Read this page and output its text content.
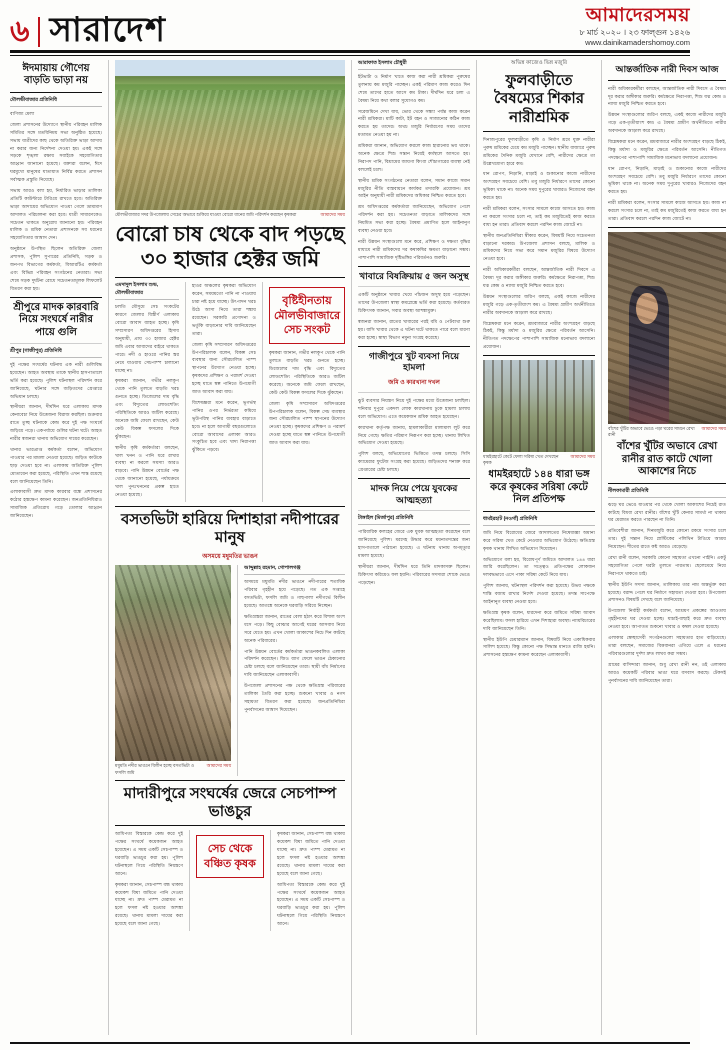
৬ সারাদেশ	আমাদেরসময়
৮ মার্চ ২০২০ । ২৩ ফাল্গুন ১৪২৬
www.dainikamadershomoy.com
ঈদমায়ায় গৌণেয় বাড়তি ভাড়া নয়
মৌলভীবাজার প্রতিনিধি

বাণিজ্য মেলা

জেলা প্রশাসনের উদ্যোগে স্থানীয় পরিবহন মালিক সমিতির সঙ্গে মতবিনিময় সভা অনুষ্ঠিত হয়েছে। সভায় যাত্রীদের কাছ থেকে অতিরিক্ত ভাড়া আদায় না করার জন্য নির্দেশনা দেওয়া হয়। একই সঙ্গে সড়কে শৃঙ্খলা রক্ষায় সবাইকে সহযোগিতার আহ্বান জানানো হয়েছে। বক্তারা বলেন, ঈদে ঘরমুখো মানুষের যাতায়াত নির্বিঘ্ন করতে প্রশাসন সর্বাত্মক প্রস্তুতি নিয়েছে।

সভায় আরও বলা হয়, নির্ধারিত ভাড়ার তালিকা প্রতিটি কাউন্টারে টাঙিয়ে রাখতে হবে। অতিরিক্ত ভাড়া আদায়ের অভিযোগ পাওয়া গেলে ভ্রাম্যমাণ আদালত পরিচালনা করা হবে। যাত্রী সাধারণকেও সচেতন থাকতে অনুরোধ জানানো হয়। পরিবহন মালিক ও শ্রমিক নেতারা প্রশাসনকে সব ধরনের সহযোগিতার আশ্বাস দেন।

অনুষ্ঠানে উপস্থিত ছিলেন অতিরিক্ত জেলা প্রশাসক, পুলিশ সুপারের প্রতিনিধি, সড়ক ও জনপথ বিভাগের কর্মকর্তা, বিআরটিএ কর্মকর্তা এবং বিভিন্ন পরিবহন সংগঠনের নেতারা। সভা শেষে সড়ক দুর্ঘটনা রোধে সচেতনতামূলক লিফলেট বিতরণ করা হয়।

শ্রীপুরে মাদক কারবারি নিয়ে সংঘর্ষে নারীর পায়ে গুলি
শ্রীপুর (গাজীপুর) প্রতিনিধি

দুই পক্ষের সংঘর্ষের ঘটনায় এক নারী গুলিবিদ্ধ হয়েছেন। আহত অবস্থায় তাকে স্থানীয় হাসপাতালে ভর্তি করা হয়েছে। পুলিশ ঘটনাস্থল পরিদর্শন করে জানিয়েছে, ঘটনার সঙ্গে জড়িতদের গ্রেপ্তারে অভিযান চলছে।

স্থানীয়রা জানান, দীর্ঘদিন ধরে এলাকায় মাদক কেনাবেচা নিয়ে উত্তেজনা বিরাজ করছিল। শুক্রবার রাতে তুচ্ছ ঘটনাকে কেন্দ্র করে দুই পক্ষ সংঘর্ষে জড়িয়ে পড়ে। একপর্যায়ে গুলির ঘটনা ঘটে। আহত নারীর স্বজনরা থানায় অভিযোগ দায়ের করেছেন।

থানার ভারপ্রাপ্ত কর্মকর্তা বলেন, অভিযোগ পাওয়ার পর মামলা নেওয়া হয়েছে। জড়িত কাউকে ছাড় দেওয়া হবে না। এলাকায় অতিরিক্ত পুলিশ মোতায়েন করা হয়েছে, পরিস্থিতি এখন শান্ত রয়েছে বলে জানিয়েছেন তিনি।

এলাকাবাসী দ্রুত মাদক কারবার বন্ধে প্রশাসনের কঠোর হস্তক্ষেপ কামনা করেছেন। জনপ্রতিনিধিরাও সামাজিক প্রতিরোধ গড়ে তোলার আহ্বান জানিয়েছেন।

মৌলভীবাজার সদর উপজেলায় সেচের অভাবে শুকিয়ে যাওয়া বোরো ধানের জমি পরিদর্শন করছেন কৃষকরা	আমাদের সময়
বোরো চাষ থেকে বাদ পড়ছে ৩০ হাজার হেক্টর জমি
এমদাদুল ইসলাম শুভ, মৌলভীবাজার

চলতি মৌসুমে সেচ সংকটের কারণে জেলার বিস্তীর্ণ এলাকায় বোরো আবাদ ব্যাহত হচ্ছে। কৃষি সম্প্রসারণ অধিদপ্তরের হিসাব অনুযায়ী, প্রায় ৩০ হাজার হেক্টর জমি এবার আবাদের বাইরে থাকতে পারে। নদী ও হাওরে পানির স্তর নেমে যাওয়ায় সেচপাম্প চালানো যাচ্ছে না।

কৃষকরা জানান, গভীর নলকূপ থেকে পানি তুলতে বাড়তি খরচ গুনতে হচ্ছে। ডিজেলের দাম বৃদ্ধি এবং বিদ্যুতের লোডশেডিং পরিস্থিতিকে আরও জটিল করেছে। অনেকে জমি ফেলে রাখছেন, কেউ কেউ বিকল্প ফসলের দিকে ঝুঁকছেন।

স্থানীয় কৃষি কর্মকর্তারা বলছেন, খাল খনন ও পানি ধরে রাখার ব্যবস্থা না করলে সমস্যা আরও বাড়বে। পানি উন্নয়ন বোর্ডের পক্ষ থেকে জানানো হয়েছে, পর্যায়ক্রমে খাল পুনঃখননের প্রকল্প হাতে নেওয়া হয়েছে।

হাওর অঞ্চলের কৃষকরা অভিযোগ করেন, সময়মতো পানি না পাওয়ায় চারা নষ্ট হয়ে যাচ্ছে। উৎপাদন খরচ উঠে আসা নিয়ে তারা শঙ্কায় রয়েছেন। সরকারি প্রণোদনা ও ভর্তুকি বাড়ানোর দাবি জানিয়েছেন তারা।

জেলা কৃষি সম্প্রসারণ অধিদপ্তরের উপপরিচালক বলেন, বিকল্প সেচ ব্যবস্থার জন্য সৌরচালিত পাম্প স্থাপনের উদ্যোগ নেওয়া হচ্ছে। কৃষকদের প্রশিক্ষণ ও পরামর্শ দেওয়া হচ্ছে যাতে স্বল্প পানিতে উপযোগী জাত আবাদ করা যায়।

বিশেষজ্ঞরা মনে করেন, ভূগর্ভস্থ পানির ওপর নির্ভরতা কমিয়ে ভূউপরিস্থ পানির ব্যবহার বাড়াতে হবে। না হলে আগামী বছরগুলোতে বোরো আবাদের এলাকা আরও সংকুচিত হবে এবং খাদ্য নিরাপত্তা ঝুঁকিতে পড়বে।

বৃষ্টিহীনতায় মৌলভীবাজারে সেচ সংকট

কৃষকরা জানান, গভীর নলকূপ থেকে পানি তুলতে বাড়তি খরচ গুনতে হচ্ছে। ডিজেলের দাম বৃদ্ধি এবং বিদ্যুতের লোডশেডিং পরিস্থিতিকে আরও জটিল করেছে। অনেকে জমি ফেলে রাখছেন, কেউ কেউ বিকল্প ফসলের দিকে ঝুঁকছেন।

জেলা কৃষি সম্প্রসারণ অধিদপ্তরের উপপরিচালক বলেন, বিকল্প সেচ ব্যবস্থার জন্য সৌরচালিত পাম্প স্থাপনের উদ্যোগ নেওয়া হচ্ছে। কৃষকদের প্রশিক্ষণ ও পরামর্শ দেওয়া হচ্ছে যাতে স্বল্প পানিতে উপযোগী জাত আবাদ করা যায়।

বসতভিটা হারিয়ে দিশাহারা নদীপারের মানুষ
অসময়ে মধুমতির ভাঙন
মধুমতি নদীর ভাঙনে বিলীন হচ্ছে বসতভিটা ও ফসলি জমি
আমাদের সময়
আব্দুল্লাহ রহমান, গোপালগঞ্জ

অসময়ে মধুমতি নদীর ভাঙনে নদীপারের শতাধিক পরিবার গৃহহীন হয়ে পড়েছে। গত এক সপ্তাহে বসতভিটা, ফসলি জমি ও গাছপালা নদীগর্ভে বিলীন হয়েছে। আতঙ্কে অনেকে ঘরবাড়ি সরিয়ে নিচ্ছেন।

ক্ষতিগ্রস্তরা জানান, রাতের বেলা হঠাৎ করে বিশাল অংশ ধসে পড়ে। কিছু বোঝার আগেই ঘরের আসবাব নিয়ে সরে যেতে হয়। এখন খোলা আকাশের নিচে দিন কাটছে অনেক পরিবারের।

পানি উন্নয়ন বোর্ডের কর্মকর্তারা ভাঙনকবলিত এলাকা পরিদর্শন করেছেন। জিও ব্যাগ ফেলে ভাঙন ঠেকানোর চেষ্টা চলছে বলে জানিয়েছেন তারা। স্থায়ী বাঁধ নির্মাণের দাবি জানিয়েছেন এলাকাবাসী।

উপজেলা প্রশাসনের পক্ষ থেকে ক্ষতিগ্রস্ত পরিবারের তালিকা তৈরি করা হচ্ছে। শুকনো খাবার ও নগদ সহায়তা বিতরণ করা হয়েছে। জনপ্রতিনিধিরা পুনর্বাসনের আশ্বাস দিয়েছেন।

মাদারীপুরে সংঘর্ষের জেরে সেচপাম্প ভাঙচুর

আধিপত্য বিস্তারকে কেন্দ্র করে দুই পক্ষের সংঘর্ষে কয়েকজন আহত হয়েছেন। এ সময় একটি সেচপাম্প ও ঘরবাড়ি ভাঙচুর করা হয়। পুলিশ ঘটনাস্থলে গিয়ে পরিস্থিতি নিয়ন্ত্রণে আনে।

কৃষকরা জানান, সেচপাম্প বন্ধ থাকায় কয়েকশ বিঘা জমিতে পানি দেওয়া যাচ্ছে না। দ্রুত পাম্প মেরামত না হলে ফসল নষ্ট হওয়ার আশঙ্কা রয়েছে। থানায় মামলা দায়ের করা হয়েছে বলে জানা গেছে।

সেচ থেকে বঞ্চিত কৃষক

কৃষকরা জানান, সেচপাম্প বন্ধ থাকায় কয়েকশ বিঘা জমিতে পানি দেওয়া যাচ্ছে না। দ্রুত পাম্প মেরামত না হলে ফসল নষ্ট হওয়ার আশঙ্কা রয়েছে। থানায় মামলা দায়ের করা হয়েছে বলে জানা গেছে।

আধিপত্য বিস্তারকে কেন্দ্র করে দুই পক্ষের সংঘর্ষে কয়েকজন আহত হয়েছেন। এ সময় একটি সেচপাম্প ও ঘরবাড়ি ভাঙচুর করা হয়। পুলিশ ঘটনাস্থলে গিয়ে পরিস্থিতি নিয়ন্ত্রণে আনে।

আরাফাত ইসলাম চৌধুরী

ইটভাটা ও নির্মাণ খাতে কাজ করা নারী শ্রমিকরা পুরুষের তুলনায় কম মজুরি পাচ্ছেন। একই পরিমাণ কাজ করেও দিন শেষে তাদের হাতে আসে কম টাকা। দীর্ঘদিন ধরে চলা এ বৈষম্য নিয়ে কথা বলার সুযোগও কম।

সরেজমিনে দেখা যায়, ভোর থেকে সন্ধ্যা পর্যন্ত কাজ করেন নারী শ্রমিকরা। মাটি কাটা, ইট বহন ও সাজানোর কঠিন কাজ করতে হয় তাদের। অথচ মজুরি নির্ধারণের সময় তাদের মতামত নেওয়া হয় না।

শ্রমিকরা জানান, অভিযোগ করলে কাজ হারানোর ভয় থাকে। অনেক ক্ষেত্রে শিশু সন্তান নিয়েই কর্মস্থলে আসতে হয়। নিরাপদ পানি, বিশ্রামের জায়গা কিংবা শৌচাগারের ব্যবস্থা নেই বললেই চলে।

স্থানীয় শ্রমিক সংগঠনের নেতারা বলেন, সমান কাজে সমান মজুরির নীতি বাস্তবায়নে কার্যকর তদারকি প্রয়োজন। শ্রম আইন অনুযায়ী নারী শ্রমিকদের অধিকার নিশ্চিত করতে হবে।

শ্রম অধিদপ্তরের কর্মকর্তারা জানিয়েছেন, অভিযোগ পেলে পরিদর্শন করা হয়। সচেতনতা বাড়াতে মালিকদের সঙ্গে নিয়মিত সভা করা হচ্ছে। বৈষম্য প্রমাণিত হলে আইনানুগ ব্যবস্থা নেওয়া হবে।

নারী উন্নয়ন সংস্থাগুলো মনে করে, প্রশিক্ষণ ও দক্ষতা বৃদ্ধির মাধ্যমে নারী শ্রমিকদের দর কষাকষির ক্ষমতা বাড়ানো সম্ভব। পাশাপাশি সামাজিক দৃষ্টিভঙ্গির পরিবর্তনও জরুরি।

খাবারে বিষক্রিয়ায় ৫ জন অসুস্থ

একটি অনুষ্ঠানে খাবার খেয়ে পাঁচজন অসুস্থ হয়ে পড়েছেন। তাদের উপজেলা স্বাস্থ্য কমপ্লেক্সে ভর্তি করা হয়েছে। কর্তব্যরত চিকিৎসক জানান, সবার অবস্থা আশঙ্কামুক্ত।

স্বজনরা জানান, রাতের খাবারের পরই বমি ও পেটব্যথা শুরু হয়। বাসি খাবার থেকে এ ঘটনা ঘটে থাকতে পারে বলে ধারণা করা হচ্ছে। স্বাস্থ্য বিভাগ নমুনা সংগ্রহ করেছে।

গাজীপুরে খুট ব্যবসা নিয়ে হামলা
জমি ও কারখানা দখল

ঝুট ব্যবসার নিয়ন্ত্রণ নিয়ে দুই পক্ষের মধ্যে উত্তেজনা চলছিল। শনিবার দুপুরে একদল লোক কারখানায় ঢুকে হামলা চালায় বলে অভিযোগ। এতে কয়েকজন শ্রমিক আহত হয়েছেন।

কারখানা কর্তৃপক্ষ জানায়, হামলাকারীরা মালামাল লুট করে নিয়ে গেছে। ক্ষতির পরিমাণ নিরূপণ করা হচ্ছে। থানায় লিখিত অভিযোগ দেওয়া হয়েছে।

পুলিশ বলছে, অভিযোগের ভিত্তিতে তদন্ত চলছে। সিসি ক্যামেরার ফুটেজ সংগ্রহ করা হয়েছে। জড়িতদের শনাক্ত করে গ্রেপ্তারের চেষ্টা চলছে।

মাদক নিয়ে পেয়ে যুবকের আত্মহত্যা
টাঙ্গাইল (মির্জাপুর) প্রতিনিধি

পারিবারিক কলহের জেরে এক যুবক আত্মহত্যা করেছেন বলে জানিয়েছে পুলিশ। মরদেহ উদ্ধার করে ময়নাতদন্তের জন্য হাসপাতালে পাঠানো হয়েছে। এ ঘটনায় থানায় অপমৃত্যুর মামলা হয়েছে।

স্থানীয়রা জানান, দীর্ঘদিন ধরে তিনি মাদকাসক্ত ছিলেন। চিকিৎসা করিয়েও ফল হয়নি। পরিবারের সদস্যরা শোকে ভেঙে পড়েছেন।

অভিন্ন কাজেও ভিন্ন মজুরি
ফুলবাড়ীতে বৈষম্যের শিকার নারীশ্রমিক

দিনাজপুরের ফুলবাড়ীতে কৃষি ও নির্মাণ শ্রমে যুক্ত নারীরা পুরুষ শ্রমিকের চেয়ে কম মজুরি পাচ্ছেন। স্থানীয় বাজারে পুরুষ শ্রমিকের দৈনিক মজুরি যেখানে বেশি, নারীদের ক্ষেত্রে তা উল্লেখযোগ্য হারে কম।

ধান রোপণ, নিড়ানি, মাড়াই ও শুকানোর কাজে নারীদের অংশগ্রহণ সবচেয়ে বেশি। তবু মজুরি নির্ধারণে তাদের কোনো ভূমিকা থাকে না। অনেক সময় দুপুরের খাবারও নিজেদের বহন করতে হয়।

নারী শ্রমিকরা বলেন, সংসার সামলে কাজে আসতে হয়। কাজ না করলে সংসার চলে না, তাই কম মজুরিতেই কাজ করতে বাধ্য হন তারা। প্রতিবাদ করলে পরদিন কাজ জোটে না।

স্থানীয় জনপ্রতিনিধিরা স্বীকার করেন, বিষয়টি নিয়ে সচেতনতা বাড়ানো দরকার। উপজেলা প্রশাসন বলছে, মালিক ও শ্রমিকদের নিয়ে সভা করে সমান মজুরির বিষয়ে উদ্যোগ নেওয়া হবে।

নারী অধিকারকর্মীরা বলছেন, আন্তর্জাতিক নারী দিবসে এ বৈষম্য দূর করার অঙ্গীকার জরুরি। কর্মক্ষেত্রে নিরাপত্তা, শিশু যত্ন কেন্দ্র ও ন্যায্য মজুরি নিশ্চিত করতে হবে।

উন্নয়ন সংস্থাগুলোর জরিপ বলছে, একই কাজে নারীদের মজুরি গড়ে এক-তৃতীয়াংশ কম। এ বৈষম্য গ্রামীণ অর্থনীতিতে নারীর অবদানকে আড়াল করে রাখছে।

বিশ্লেষকরা মনে করেন, শ্রমবাজারে নারীর অংশগ্রহণ বাড়ছে ঠিকই, কিন্তু মর্যাদা ও মজুরির ক্ষেত্রে পরিবর্তন আসেনি। নীতিগত পদক্ষেপের পাশাপাশি সামাজিক মনোভাব বদলানো প্রয়োজন।

ধামইরহাটে কেটে ফেলা সরিষা খেত দেখছেন কৃষক
আমাদের সময়
ধামইরহাটে ১৪৪ ধারা ভঙ্গ করে কৃষকের সরিষা কেটে নিল প্রতিপক্ষ
ধামইরহাট (নওগাঁ) প্রতিনিধি

জমি নিয়ে বিরোধের জেরে আদালতের নিষেধাজ্ঞা অমান্য করে সরিষা খেত কেটে নেওয়ার অভিযোগ উঠেছে। ক্ষতিগ্রস্ত কৃষক থানায় লিখিত অভিযোগ দিয়েছেন।

অভিযোগে বলা হয়, বিরোধপূর্ণ জমিতে আদালত ১৪৪ ধারা জারি করেছিলেন। তা সত্ত্বেও প্রতিপক্ষের লোকজন দলবদ্ধভাবে এসে পাকা সরিষা কেটে নিয়ে যায়।

পুলিশ জানায়, ঘটনাস্থল পরিদর্শন করা হয়েছে। উভয় পক্ষকে শান্তি বজায় রাখার নির্দেশ দেওয়া হয়েছে। তদন্ত সাপেক্ষে আইনানুগ ব্যবস্থা নেওয়া হবে।

ক্ষতিগ্রস্ত কৃষক বলেন, ধারদেনা করে জমিতে সরিষা আবাদ করেছিলাম। ফসল হারিয়ে এখন দিশাহারা অবস্থা। ন্যায়বিচারের দাবি জানিয়েছেন তিনি।

স্থানীয় ইউপি চেয়ারম্যান জানান, বিষয়টি নিয়ে একাধিকবার সালিশ হয়েছে। কিন্তু কোনো পক্ষ সিদ্ধান্ত মানতে রাজি হয়নি। প্রশাসনের হস্তক্ষেপ কামনা করেছেন এলাকাবাসী।

আন্তর্জাতিক নারী দিবস আজ

নারী অধিকারকর্মীরা বলছেন, আন্তর্জাতিক নারী দিবসে এ বৈষম্য দূর করার অঙ্গীকার জরুরি। কর্মক্ষেত্রে নিরাপত্তা, শিশু যত্ন কেন্দ্র ও ন্যায্য মজুরি নিশ্চিত করতে হবে।

উন্নয়ন সংস্থাগুলোর জরিপ বলছে, একই কাজে নারীদের মজুরি গড়ে এক-তৃতীয়াংশ কম। এ বৈষম্য গ্রামীণ অর্থনীতিতে নারীর অবদানকে আড়াল করে রাখছে।

বিশ্লেষকরা মনে করেন, শ্রমবাজারে নারীর অংশগ্রহণ বাড়ছে ঠিকই, কিন্তু মর্যাদা ও মজুরির ক্ষেত্রে পরিবর্তন আসেনি। নীতিগত পদক্ষেপের পাশাপাশি সামাজিক মনোভাব বদলানো প্রয়োজন।

ধান রোপণ, নিড়ানি, মাড়াই ও শুকানোর কাজে নারীদের অংশগ্রহণ সবচেয়ে বেশি। তবু মজুরি নির্ধারণে তাদের কোনো ভূমিকা থাকে না। অনেক সময় দুপুরের খাবারও নিজেদের বহন করতে হয়।

নারী শ্রমিকরা বলেন, সংসার সামলে কাজে আসতে হয়। কাজ না করলে সংসার চলে না, তাই কম মজুরিতেই কাজ করতে বাধ্য হন তারা। প্রতিবাদ করলে পরদিন কাজ জোটে না।

বাঁশের খুঁটির অভাবে ভেঙে পড়া ঘরের সামনে রেখা রানী
আমাদের সময়
বাঁশের খুঁটির অভাবে রেখা রানীর রাত কাটে খোলা আকাশের নিচে
নীলফামারী প্রতিনিধি

ঝড়ে ঘর ভেঙে যাওয়ার পর থেকে খোলা আকাশের নিচেই রাত কাটছে বিধবা রেখা রানীর। বাঁশের খুঁটি কেনার সামর্থ্য না থাকায় ঘর মেরামত করতে পারছেন না তিনি।

প্রতিবেশীরা জানান, দিনমজুরি করে কোনো রকমে সংসার চলে তার। দুই সন্তান নিয়ে প্লাস্টিকের পলিথিন টাঙিয়ে আশ্রয় নিয়েছেন। শীতের রাতে কষ্ট আরও বেড়েছে।

রেখা রানী বলেন, সরকারি কোনো সহায়তা এখনো পাইনি। একটু সহযোগিতা পেলে ঘরটা তুলতে পারতাম। ছেলেমেয়ে নিয়ে নিরাপদে থাকতে চাই।

স্থানীয় ইউপি সদস্য জানান, তালিকায় তার নাম অন্তর্ভুক্ত করা হয়েছে। বরাদ্দ পেলে ঘর নির্মাণে সহায়তা দেওয়া হবে। উপজেলা প্রশাসনও বিষয়টি দেখছে বলে জানিয়েছে।

উপজেলা নির্বাহী কর্মকর্তা বলেন, আশ্রয়ণ প্রকল্পের আওতায় গৃহহীনদের ঘর দেওয়া হচ্ছে। যাচাই-বাছাই করে দ্রুত ব্যবস্থা নেওয়া হবে। আপাতত শুকনো খাবার ও কম্বল দেওয়া হয়েছে।

এলাকার স্বেচ্ছাসেবী সংগঠনগুলো সহায়তার হাত বাড়িয়েছে। তারা বলছেন, সমাজের বিত্তবানরা এগিয়ে এলে এ ধরনের পরিবারগুলোর দুর্দশা দ্রুত লাঘব করা সম্ভব।

গ্রামের বাসিন্দারা জানান, শুধু রেখা রানী নন, ওই এলাকায় আরও কয়েকটি পরিবার ভাঙা ঘরে বসবাস করছে। টেকসই পুনর্বাসনের দাবি জানিয়েছেন তারা।
